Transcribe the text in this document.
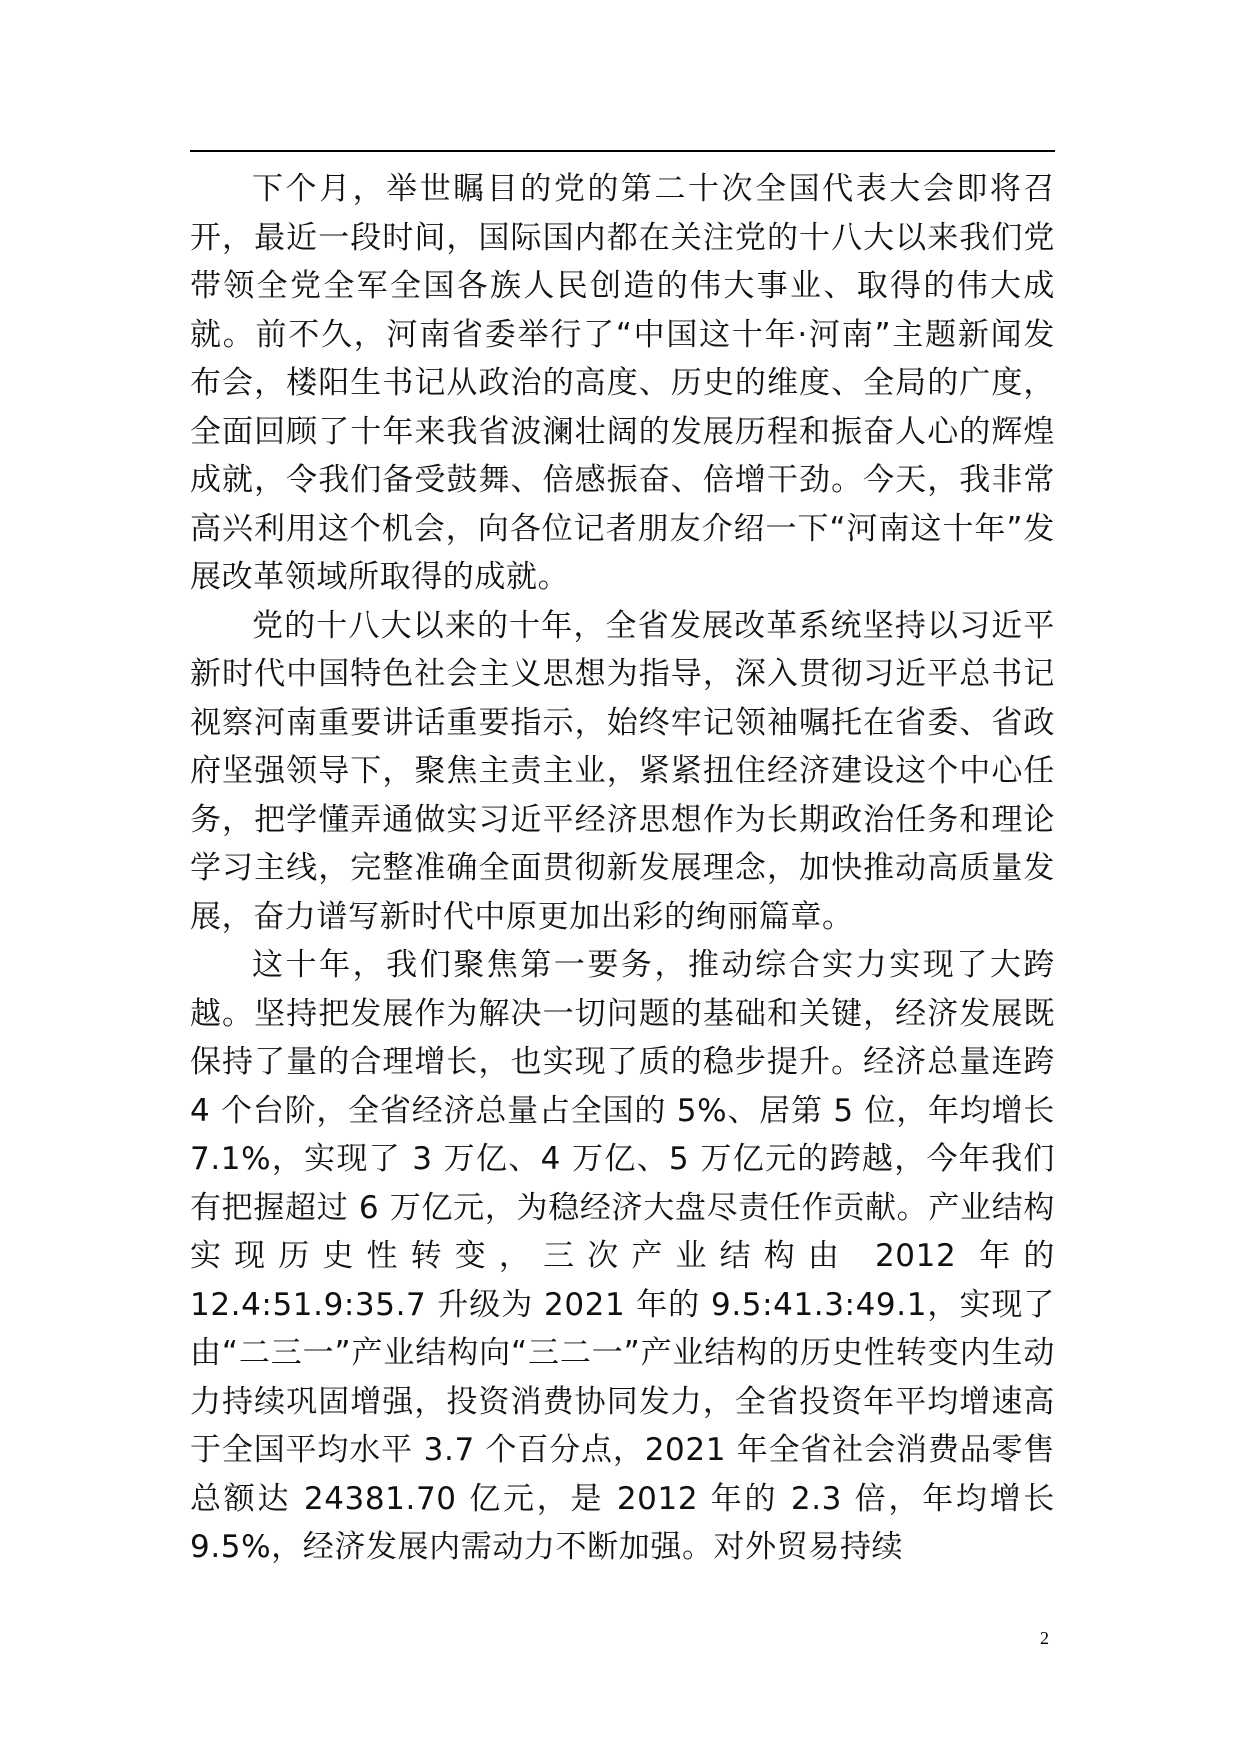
下个月，举世瞩目的党的第二十次全国代表大会即将召开，最近一段时间，国际国内都在关注党的十八大以来我们党带领全党全军全国各族人民创造的伟大事业、取得的伟大成就。前不久，河南省委举行了“中国这十年·河南”主题新闻发布会，楼阳生书记从政治的高度、历史的维度、全局的广度，全面回顾了十年来我省波澜壮阔的发展历程和振奋人心的辉煌成就，令我们备受鼓舞、倍感振奋、倍增干劲。今天，我非常高兴利用这个机会，向各位记者朋友介绍一下“河南这十年”发展改革领域所取得的成就。

党的十八大以来的十年，全省发展改革系统坚持以习近平新时代中国特色社会主义思想为指导，深入贯彻习近平总书记视察河南重要讲话重要指示，始终牢记领袖嘱托在省委、省政府坚强领导下，聚焦主责主业，紧紧扭住经济建设这个中心任务，把学懂弄通做实习近平经济思想作为长期政治任务和理论学习主线，完整准确全面贯彻新发展理念，加快推动高质量发展，奋力谱写新时代中原更加出彩的绚丽篇章。

这十年，我们聚焦第一要务，推动综合实力实现了大跨越。坚持把发展作为解决一切问题的基础和关键，经济发展既保持了量的合理增长，也实现了质的稳步提升。经济总量连跨 4 个台阶，全省经济总量占全国的 5%、居第 5 位，年均增长 7.1%，实现了 3 万亿、4 万亿、5 万亿元的跨越，今年我们有把握超过 6 万亿元，为稳经济大盘尽责任作贡献。产业结构实现历史性转变，三次产业结构由 2012 年的 12.4:51.9:35.7 升级为 2021 年的 9.5:41.3:49.1，实现了由“二三一”产业结构向“三二一”产业结构的历史性转变内生动力持续巩固增强，投资消费协同发力，全省投资年平均增速高于全国平均水平 3.7 个百分点，2021 年全省社会消费品零售总额达 24381.70 亿元，是 2012 年的 2.3 倍，年均增长 9.5%，经济发展内需动力不断加强。对外贸易持续

2
